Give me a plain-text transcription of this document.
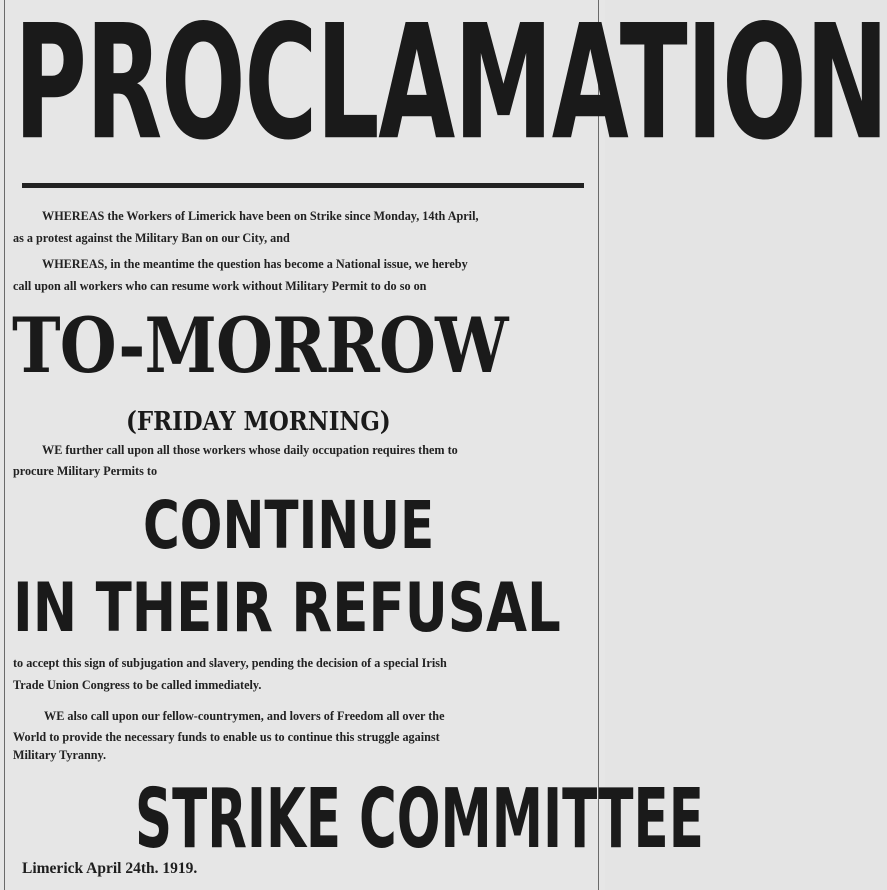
PROCLAMATION
WHEREAS the Workers of Limerick have been on Strike since Monday, 14th April,
as a protest against the Military Ban on our City, and
WHEREAS, in the meantime the question has become a National issue, we hereby
call upon all workers who can resume work without Military Permit to do so on
TO-MORROW
(FRIDAY MORNING)
WE further call upon all those workers whose daily occupation requires them to
procure Military Permits to
CONTINUE
IN THEIR REFUSAL
to accept this sign of subjugation and slavery, pending the decision of a special Irish
Trade Union Congress to be called immediately.
WE also call upon our fellow-countrymen, and lovers of Freedom all over the
World to provide the necessary funds to enable us to continue this struggle against
Military Tyranny.
STRIKE COMMITTEE
Limerick April 24th. 1919.
